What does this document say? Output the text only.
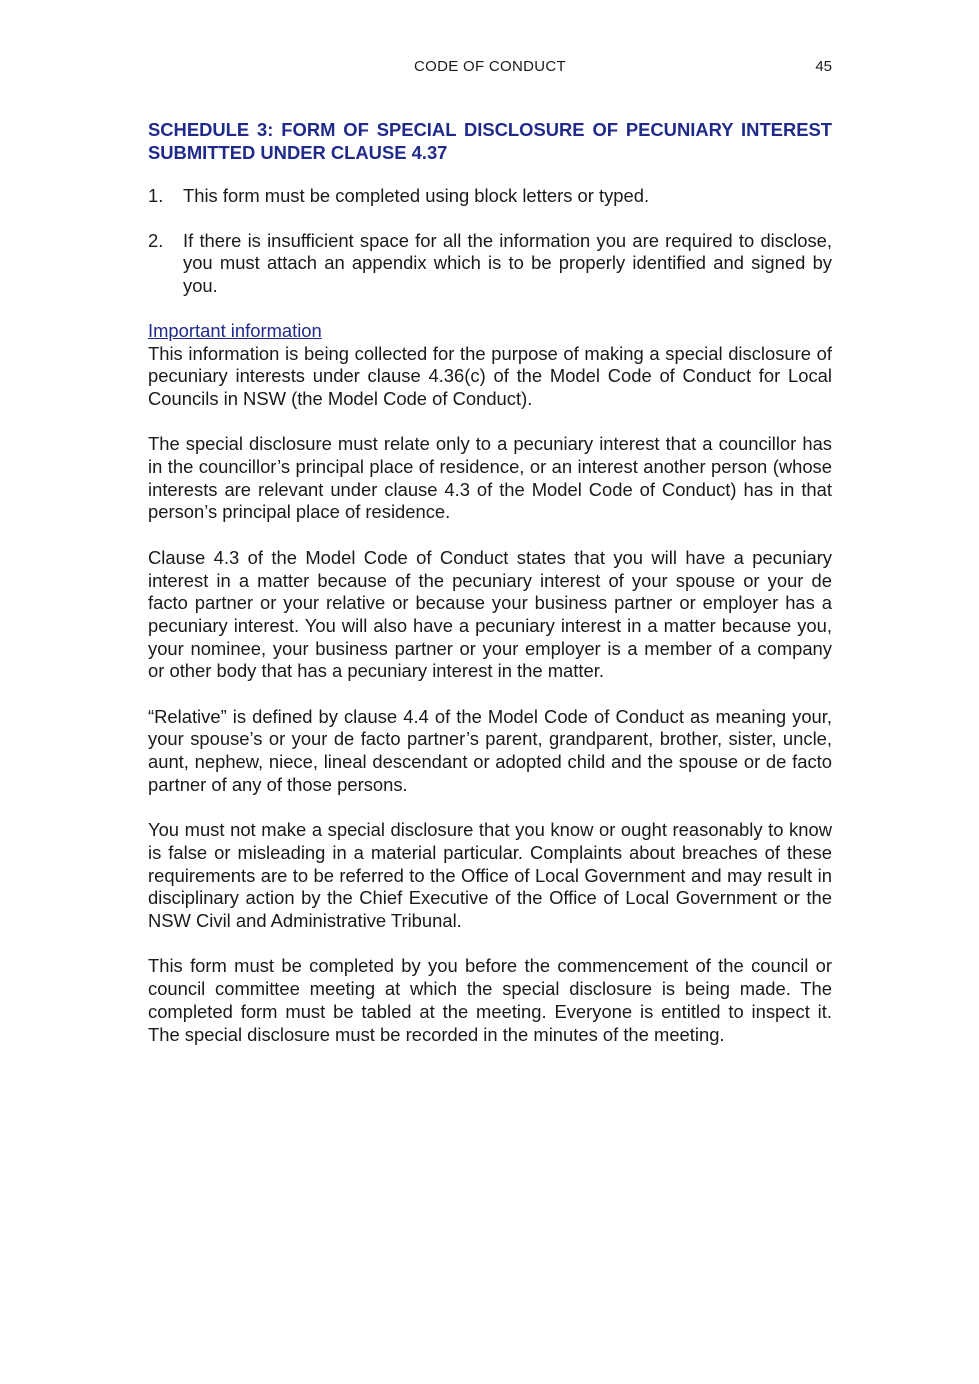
CODE OF CONDUCT	45
SCHEDULE 3: FORM OF SPECIAL DISCLOSURE OF PECUNIARY INTEREST SUBMITTED UNDER CLAUSE 4.37
1. This form must be completed using block letters or typed.
2. If there is insufficient space for all the information you are required to disclose, you must attach an appendix which is to be properly identified and signed by you.
Important information

This information is being collected for the purpose of making a special disclosure of pecuniary interests under clause 4.36(c) of the Model Code of Conduct for Local Councils in NSW (the Model Code of Conduct).

The special disclosure must relate only to a pecuniary interest that a councillor has in the councillor’s principal place of residence, or an interest another person (whose interests are relevant under clause 4.3 of the Model Code of Conduct) has in that person’s principal place of residence.

Clause 4.3 of the Model Code of Conduct states that you will have a pecuniary interest in a matter because of the pecuniary interest of your spouse or your de facto partner or your relative or because your business partner or employer has a pecuniary interest. You will also have a pecuniary interest in a matter because you, your nominee, your business partner or your employer is a member of a company or other body that has a pecuniary interest in the matter.

“Relative” is defined by clause 4.4 of the Model Code of Conduct as meaning your, your spouse’s or your de facto partner’s parent, grandparent, brother, sister, uncle, aunt, nephew, niece, lineal descendant or adopted child and the spouse or de facto partner of any of those persons.

You must not make a special disclosure that you know or ought reasonably to know is false or misleading in a material particular. Complaints about breaches of these requirements are to be referred to the Office of Local Government and may result in disciplinary action by the Chief Executive of the Office of Local Government or the NSW Civil and Administrative Tribunal.

This form must be completed by you before the commencement of the council or council committee meeting at which the special disclosure is being made. The completed form must be tabled at the meeting. Everyone is entitled to inspect it. The special disclosure must be recorded in the minutes of the meeting.
